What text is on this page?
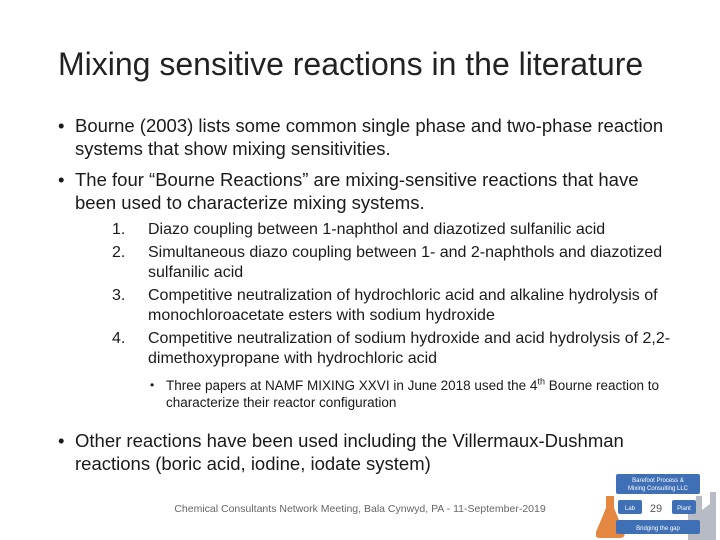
Mixing sensitive reactions in the literature
• Bourne (2003) lists some common single phase and two-phase reaction systems that show mixing sensitivities.
• The four “Bourne Reactions” are mixing-sensitive reactions that have been used to characterize mixing systems.
1. Diazo coupling between 1-naphthol and diazotized sulfanilic acid
2. Simultaneous diazo coupling between 1- and 2-naphthols and diazotized sulfanilic acid
3. Competitive neutralization of hydrochloric acid and alkaline hydrolysis of monochloroacetate esters with sodium hydroxide
4. Competitive neutralization of sodium hydroxide and acid hydrolysis of 2,2-dimethoxypropane with hydrochloric acid
• Three papers at NAMF MIXING XXVI in June 2018 used the 4th Bourne reaction to characterize their reactor configuration
• Other reactions have been used including the Villermaux-Dushman reactions (boric acid, iodine, iodate system)
Chemical Consultants Network Meeting, Bala Cynwyd, PA - 11-September-2019
Barefoot Process &
Mixing Consulting LLC
Lab	Plant
29
Bridging the gap
